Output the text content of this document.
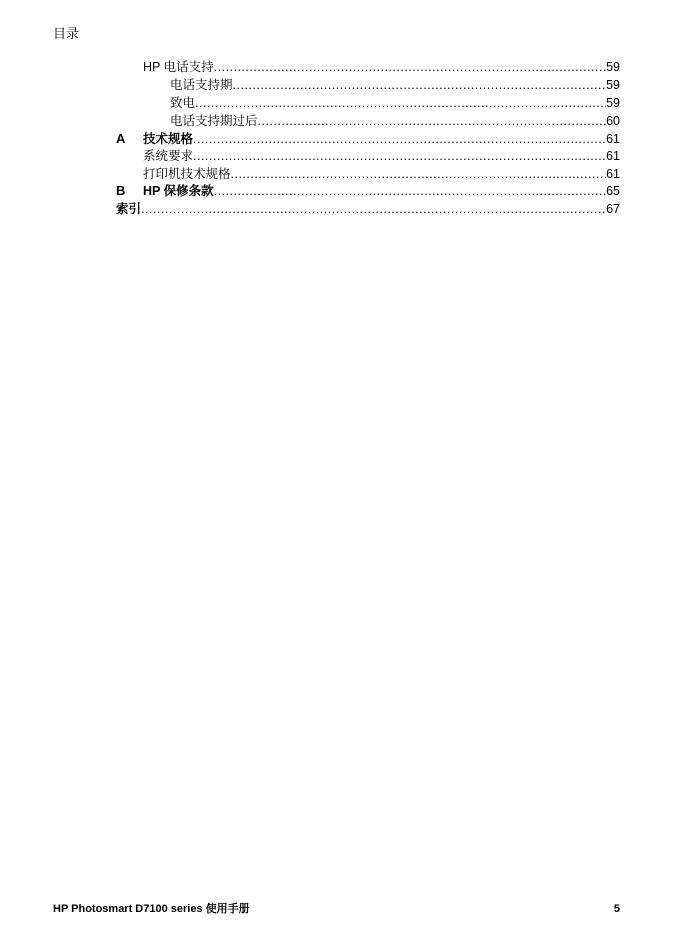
目录
HP 电话支持 .....	59
电话支持期 .....	59
致电 .....	59
电话支持期过后 .....	60
A 技术规格 .....	61
系统要求 .....	61
打印机技术规格 .....	61
B HP 保修条款 .....	65
索引 .....	67
HP Photosmart D7100 series 使用手册	5
